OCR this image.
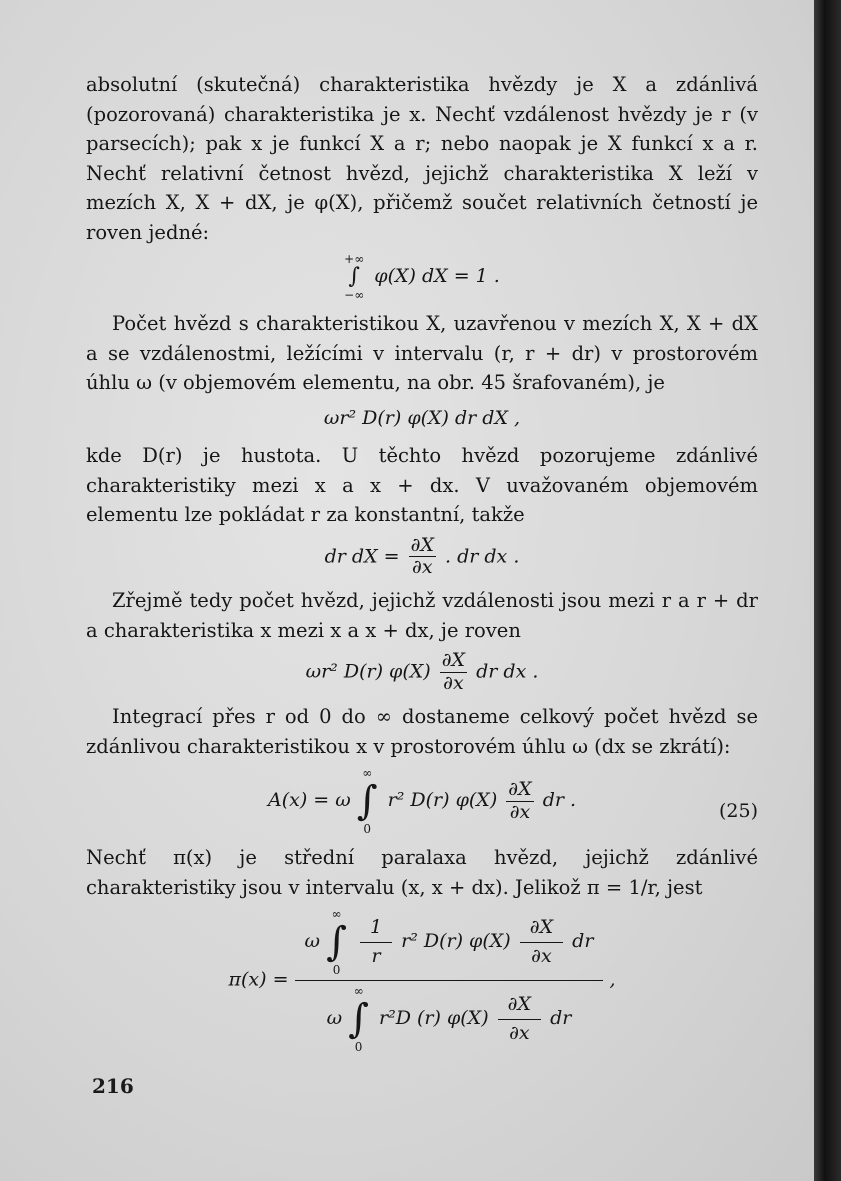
absolutní (skutečná) charakteristika hvězdy je X a zdánlivá (pozorovaná) charakteristika je x. Nechť vzdálenost hvězdy je r (v parsecích); pak x je funkcí X a r; nebo naopak je X funkcí x a r. Nechť relativní četnost hvězd, jejichž charakteristika X leží v mezích X, X + dX, je φ(X), přičemž součet relativních četností je roven jedné:

+∞
∫
−∞
φ(X) dX = 1 .

Počet hvězd s charakteristikou X, uzavřenou v mezích X, X + dX a se vzdálenostmi, ležícími v intervalu (r, r + dr) v prostorovém úhlu ω (v objemovém elementu, na obr. 45 šrafovaném), je

ωr² D(r) φ(X) dr dX ,

kde D(r) je hustota. U těchto hvězd pozorujeme zdánlivé charakteristiky mezi x a x + dx. V uvažovaném objemovém elementu lze pokládat r za konstantní, takže

dr dX = $\frac{\partial X}{\partial x}$ . dr dx .

Zřejmě tedy počet hvězd, jejichž vzdálenosti jsou mezi r a r + dr a charakteristika x mezi x a x + dx, je roven

ωr² D(r) $\varphi(X) \frac{\partial X}{\partial x}$ dr dx .

Integrací přes r od 0 do ∞ dostaneme celkový počet hvězd se zdánlivou charakteristikou x v prostorovém úhlu ω (dx se zkrátí):

A(x) = ω
∞
∫
0
r² D(r) $\varphi(X) \frac{\partial X}{\partial x}$ dr .	(25)

Nechť π(x) je střední paralaxa hvězd, jejichž zdánlivé charakteristiky jsou v intervalu (x, x + dx). Jelikož π = 1/r, jest

π(x) =
ω
∞
∫
0

$\frac{1}{r} r^2$ D(r) $\varphi(X) \frac{\partial X}{\partial x}$ dr
ω
∞
∫
0
r²D (r) $\varphi(X) \frac{\partial X}{\partial x}$ dr
,
216
